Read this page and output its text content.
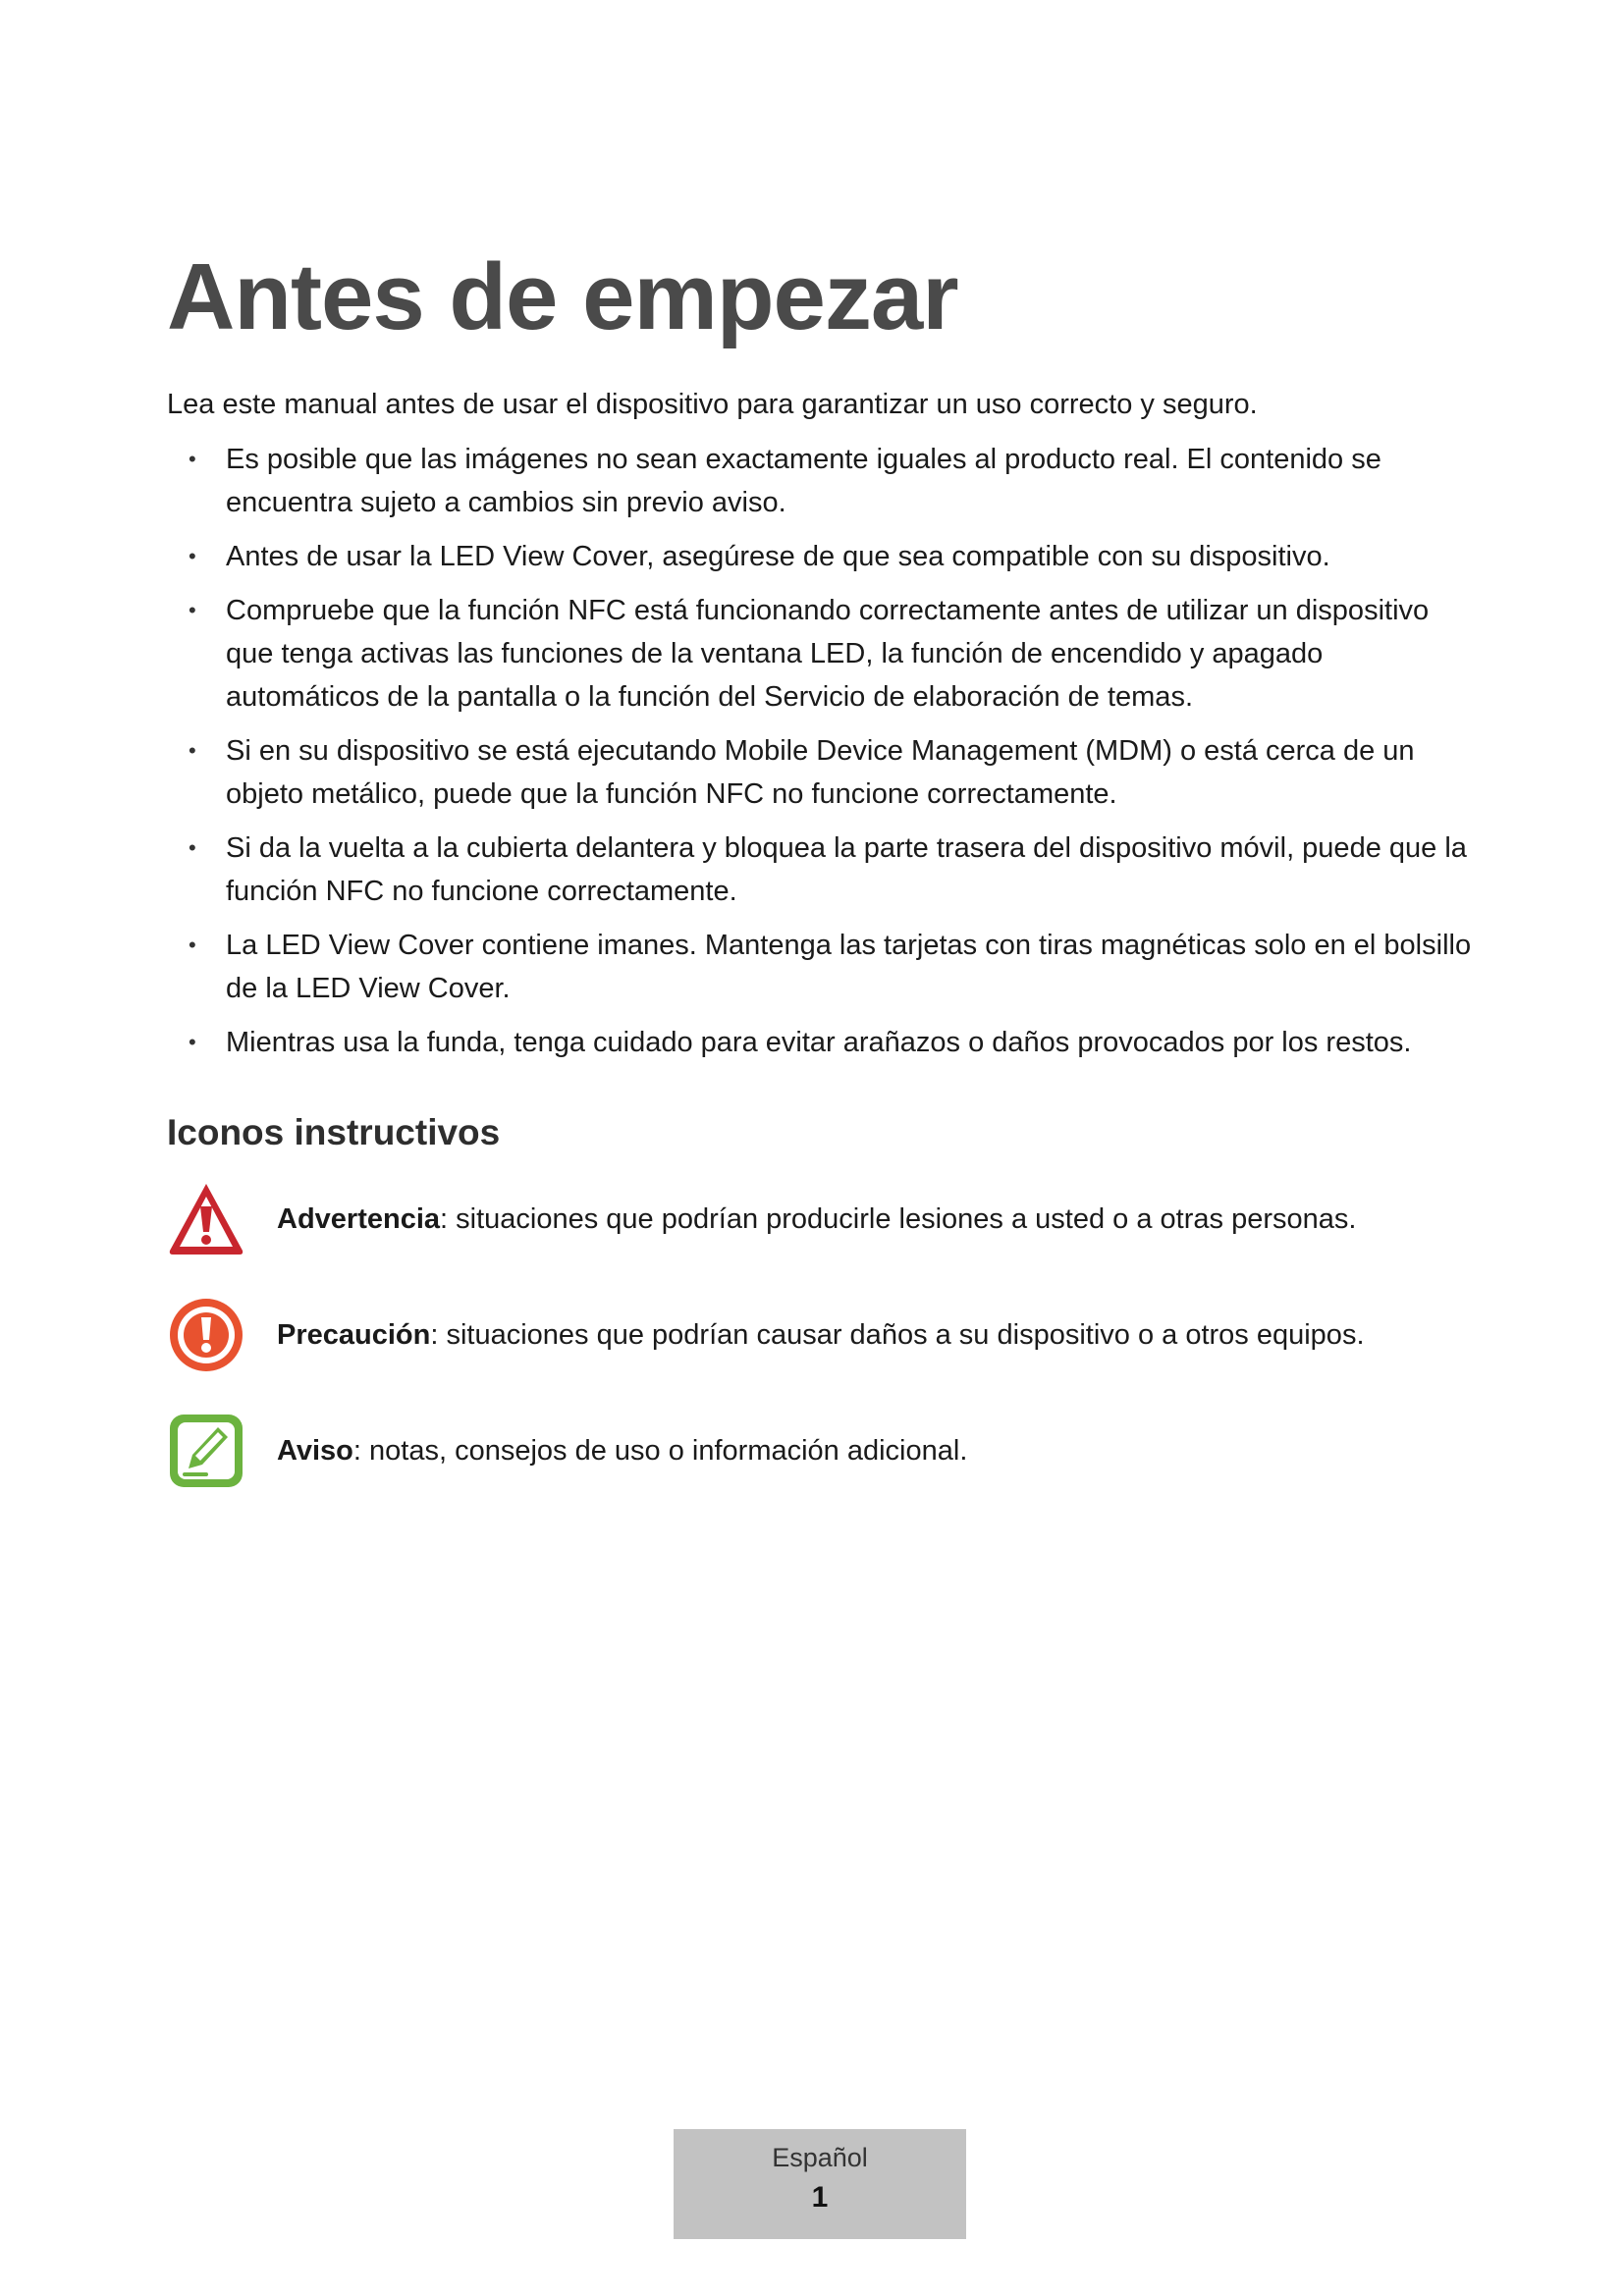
Antes de empezar

Lea este manual antes de usar el dispositivo para garantizar un uso correcto y seguro.

• Es posible que las imágenes no sean exactamente iguales al producto real. El contenido se encuentra sujeto a cambios sin previo aviso.
• Antes de usar la LED View Cover, asegúrese de que sea compatible con su dispositivo.
• Compruebe que la función NFC está funcionando correctamente antes de utilizar un dispositivo que tenga activas las funciones de la ventana LED, la función de encendido y apagado automáticos de la pantalla o la función del Servicio de elaboración de temas.
• Si en su dispositivo se está ejecutando Mobile Device Management (MDM) o está cerca de un objeto metálico, puede que la función NFC no funcione correctamente.
• Si da la vuelta a la cubierta delantera y bloquea la parte trasera del dispositivo móvil, puede que la función NFC no funcione correctamente.
• La LED View Cover contiene imanes. Mantenga las tarjetas con tiras magnéticas solo en el bolsillo de la LED View Cover.
• Mientras usa la funda, tenga cuidado para evitar arañazos o daños provocados por los restos.
Iconos instructivos
Advertencia: situaciones que podrían producirle lesiones a usted o a otras personas.
Precaución: situaciones que podrían causar daños a su dispositivo o a otros equipos.
Aviso: notas, consejos de uso o información adicional.
Español
1
